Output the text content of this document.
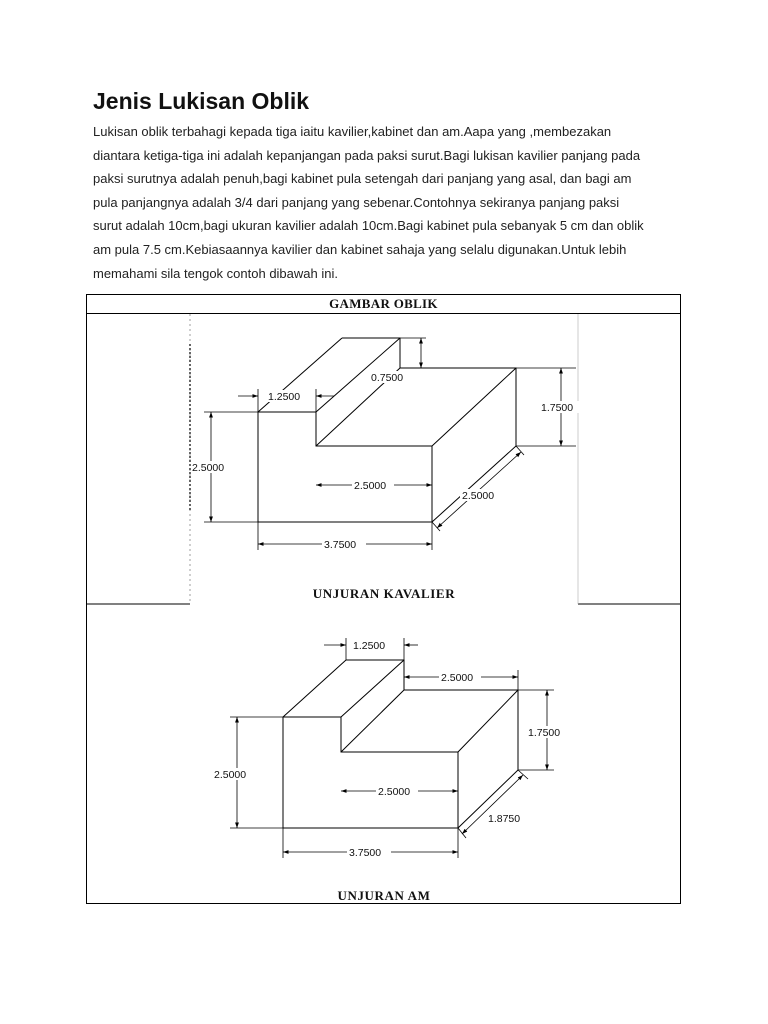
Jenis Lukisan Oblik
Lukisan oblik terbahagi kepada tiga iaitu kavilier,kabinet dan am.Aapa yang ,membezakan
diantara ketiga-tiga ini adalah kepanjangan pada paksi surut.Bagi lukisan kavilier panjang pada
paksi surutnya adalah penuh,bagi kabinet pula setengah dari panjang yang asal, dan bagi am
pula panjangnya adalah 3/4 dari panjang yang sebenar.Contohnya sekiranya panjang paksi
surut adalah 10cm,bagi ukuran kavilier adalah 10cm.Bagi kabinet pula sebanyak 5 cm dan oblik
am pula 7.5 cm.Kebiasaannya kavilier dan kabinet sahaja yang selalu digunakan.Untuk lebih
memahami sila tengok contoh dibawah ini.
GAMBAR OBLIK
0.7500
1.2500
1.7500
2.5000
2.5000
2.5000
3.7500
1.2500
2.5000
1.7500
2.5000
2.5000
1.8750
3.7500
UNJURAN KAVALIER
UNJURAN AM
